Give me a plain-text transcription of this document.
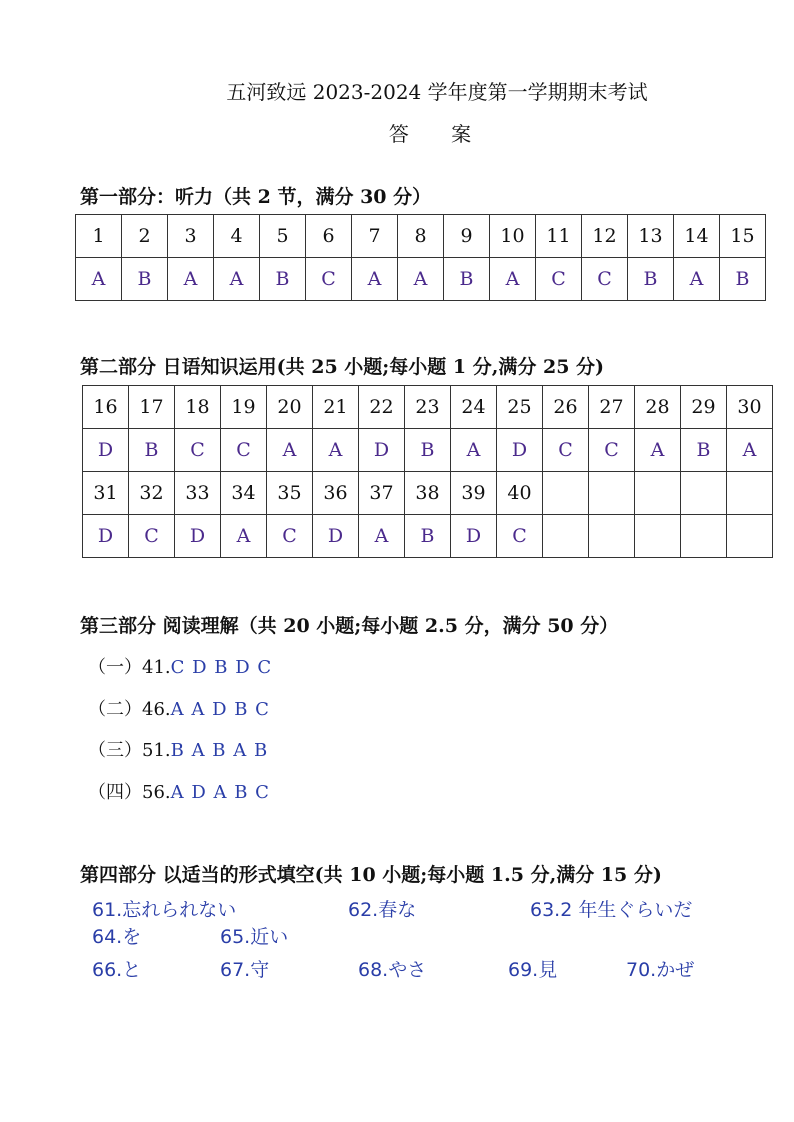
五河致远 2023-2024 学年度第一学期期末考试
答 案
第一部分：听力（共 2 节，满分 30 分）
1	2	3	4	5	6	7	8	9	10	11	12	13	14	15
A	B	A	A	B	C	A	A	B	A	C	C	B	A	B
第二部分 日语知识运用(共 25 小题;每小题 1 分,满分 25 分)
16	17	18	19	20	21	22	23	24	25	26	27	28	29	30
D	B	C	C	A	A	D	B	A	D	C	C	A	B	A
31	32	33	34	35	36	37	38	39	40					
D	C	D	A	C	D	A	B	D	C					
第三部分 阅读理解（共 20 小题;每小题 2.5 分，满分 50 分）
（一）41.C D B D C
（二）46.A A D B C
（三）51.B A B A B
（四）56.A D A B C
第四部分 以适当的形式填空(共 10 小题;每小题 1.5 分,满分 15 分)
61.忘れられない	62.春な	63.2 年生ぐらいだ
64.を	65.近い
66.と	67.守	68.やさ	69.見	70.かぜ
